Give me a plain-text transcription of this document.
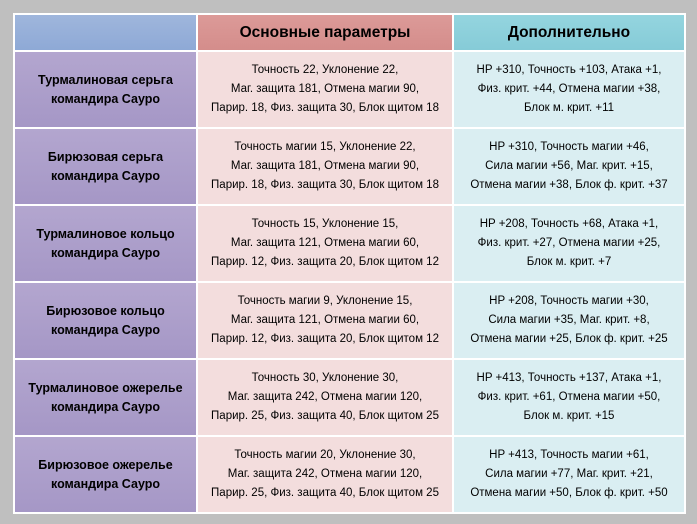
	Основные параметры	Дополнительно

Турмалиновая серьга
командира Сауро	Точность 22, Уклонение 22,
Маг. защита 181, Отмена магии 90,
Парир. 18, Физ. защита 30, Блок щитом 18	HP +310, Точность +103, Атака +1,
Физ. крит. +44, Отмена магии +38,
Блок м. крит. +11

Бирюзовая серьга
командира Сауро	Точность магии 15, Уклонение 22,
Маг. защита 181, Отмена магии 90,
Парир. 18, Физ. защита 30, Блок щитом 18	HP +310, Точность магии +46,
Сила магии +56, Маг. крит. +15,
Отмена магии +38, Блок ф. крит. +37

Турмалиновое кольцо
командира Сауро	Точность 15, Уклонение 15,
Маг. защита 121, Отмена магии 60,
Парир. 12, Физ. защита 20, Блок щитом 12	HP +208, Точность +68, Атака +1,
Физ. крит. +27, Отмена магии +25,
Блок м. крит. +7

Бирюзовое кольцо
командира Сауро	Точность магии 9, Уклонение 15,
Маг. защита 121, Отмена магии 60,
Парир. 12, Физ. защита 20, Блок щитом 12	HP +208, Точность магии +30,
Сила магии +35, Маг. крит. +8,
Отмена магии +25, Блок ф. крит. +25

Турмалиновое ожерелье
командира Сауро	Точность 30, Уклонение 30,
Маг. защита 242, Отмена магии 120,
Парир. 25, Физ. защита 40, Блок щитом 25	HP +413, Точность +137, Атака +1,
Физ. крит. +61, Отмена магии +50,
Блок м. крит. +15

Бирюзовое ожерелье
командира Сауро	Точность магии 20, Уклонение 30,
Маг. защита 242, Отмена магии 120,
Парир. 25, Физ. защита 40, Блок щитом 25	HP +413, Точность магии +61,
Сила магии +77, Маг. крит. +21,
Отмена магии +50, Блок ф. крит. +50
